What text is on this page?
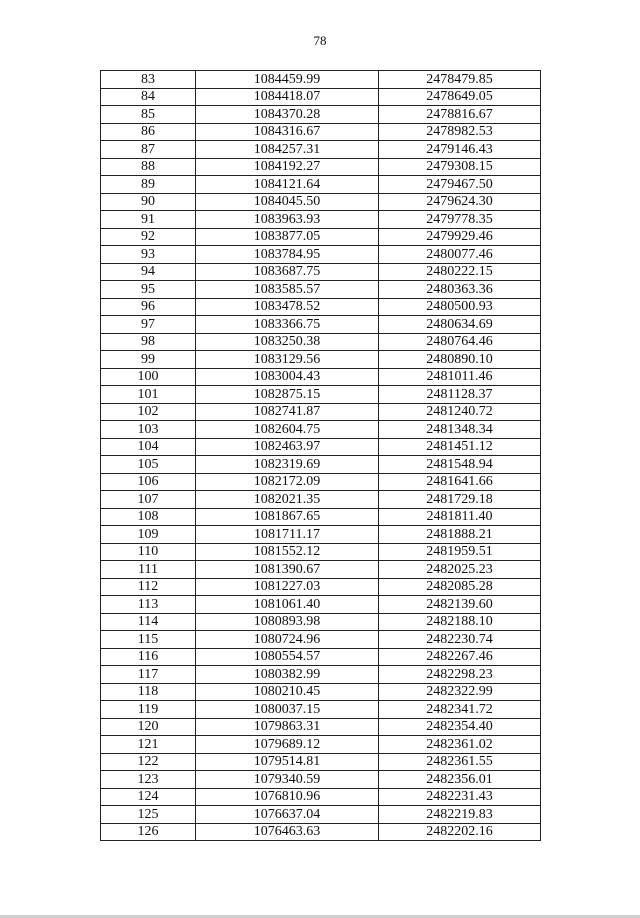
78
83	1084459.99	2478479.85
84	1084418.07	2478649.05
85	1084370.28	2478816.67
86	1084316.67	2478982.53
87	1084257.31	2479146.43
88	1084192.27	2479308.15
89	1084121.64	2479467.50
90	1084045.50	2479624.30
91	1083963.93	2479778.35
92	1083877.05	2479929.46
93	1083784.95	2480077.46
94	1083687.75	2480222.15
95	1083585.57	2480363.36
96	1083478.52	2480500.93
97	1083366.75	2480634.69
98	1083250.38	2480764.46
99	1083129.56	2480890.10
100	1083004.43	2481011.46
101	1082875.15	2481128.37
102	1082741.87	2481240.72
103	1082604.75	2481348.34
104	1082463.97	2481451.12
105	1082319.69	2481548.94
106	1082172.09	2481641.66
107	1082021.35	2481729.18
108	1081867.65	2481811.40
109	1081711.17	2481888.21
110	1081552.12	2481959.51
111	1081390.67	2482025.23
112	1081227.03	2482085.28
113	1081061.40	2482139.60
114	1080893.98	2482188.10
115	1080724.96	2482230.74
116	1080554.57	2482267.46
117	1080382.99	2482298.23
118	1080210.45	2482322.99
119	1080037.15	2482341.72
120	1079863.31	2482354.40
121	1079689.12	2482361.02
122	1079514.81	2482361.55
123	1079340.59	2482356.01
124	1076810.96	2482231.43
125	1076637.04	2482219.83
126	1076463.63	2482202.16
